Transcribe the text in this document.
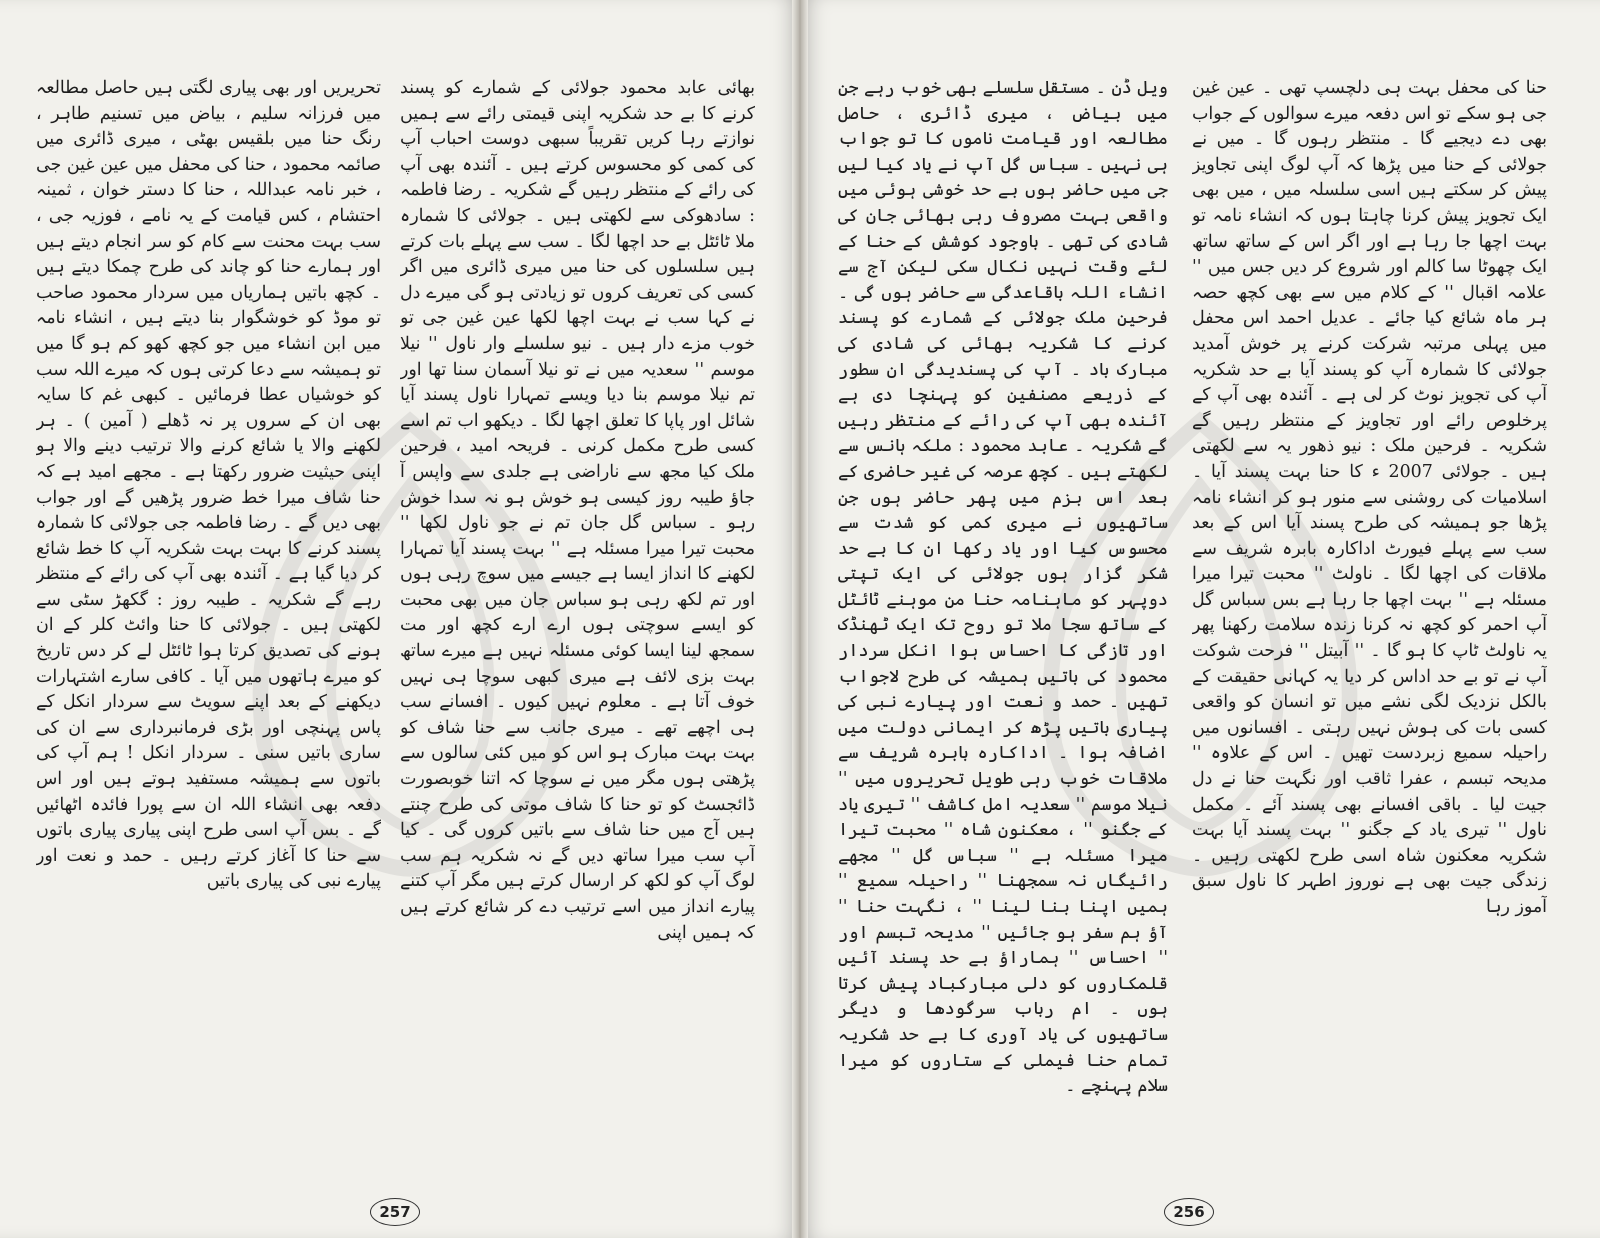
بھائی عابد محمود جولائی کے شمارے کو پسند کرنے کا بے حد شکریہ اپنی قیمتی رائے سے ہمیں نوازتے رہا کریں تقریباً سبھی دوست احباب آپ کی کمی کو محسوس کرتے ہیں ۔ آئندہ بھی آپ کی رائے کے منتظر رہیں گے شکریہ ۔ رضا فاطمہ : سادھوکی سے لکھتی ہیں ۔ جولائی کا شمارہ ملا ٹائٹل بے حد اچھا لگا ۔ سب سے پہلے بات کرتے ہیں سلسلوں کی حنا میں میری ڈائری میں اگر کسی کی تعریف کروں تو زیادتی ہو گی میرے دل نے کہا سب نے بہت اچھا لکھا عین غین جی تو خوب مزے دار ہیں ۔ نیو سلسلے وار ناول '' نیلا موسم '' سعدیہ میں نے تو نیلا آسمان سنا تھا اور تم نیلا موسم بنا دیا ویسے تمہارا ناول پسند آیا شائل اور پاپا کا تعلق اچھا لگا ۔ دیکھو اب تم اسے کسی طرح مکمل کرنی ۔ فریحہ امید ، فرحین ملک کیا مجھ سے ناراضی ہے جلدی سے واپس آ جاؤ طیبہ روز کیسی ہو خوش ہو نہ سدا خوش رہو ۔ سباس گل جان تم نے جو ناول لکھا '' محبت تیرا میرا مسئلہ ہے '' بہت پسند آیا تمہارا لکھنے کا انداز ایسا ہے جیسے میں سوچ رہی ہوں اور تم لکھ رہی ہو سباس جان میں بھی محبت کو ایسے سوچتی ہوں ارے ارے کچھ اور مت سمجھ لینا ایسا کوئی مسئلہ نہیں ہے میرے ساتھ بہت بزی لائف ہے میری کبھی سوچا ہی نہیں خوف آتا ہے ۔ معلوم نہیں کیوں ۔ افسانے سب ہی اچھے تھے ۔ میری جانب سے حنا شاف کو بہت بہت مبارک ہو اس کو میں کئی سالوں سے پڑھتی ہوں مگر میں نے سوچا کہ اتنا خوبصورت ڈائجسٹ کو تو حنا کا شاف موتی کی طرح چنتے ہیں آج میں حنا شاف سے باتیں کروں گی ۔ کیا آپ سب میرا ساتھ دیں گے نہ شکریہ ہم سب لوگ آپ کو لکھ کر ارسال کرتے ہیں مگر آپ کتنے پیارے انداز میں اسے ترتیب دے کر شائع کرتے ہیں کہ ہمیں اپنی

تحریریں اور بھی پیاری لگتی ہیں حاصل مطالعہ میں فرزانہ سلیم ، بیاض میں تسنیم طاہر ، رنگ حنا میں بلقیس بھٹی ، میری ڈائری میں صائمہ محمود ، حنا کی محفل میں عین غین جی ، خبر نامہ عبداللہ ، حنا کا دستر خوان ، ثمینہ احتشام ، کس قیامت کے یہ نامے ، فوزیہ جی ، سب بہت محنت سے کام کو سر انجام دیتے ہیں اور ہمارے حنا کو چاند کی طرح چمکا دیتے ہیں ۔ کچھ باتیں ہماریاں میں سردار محمود صاحب تو موڈ کو خوشگوار بنا دیتے ہیں ، انشاء نامہ میں ابن انشاء میں جو کچھ کھو کم ہو گا میں تو ہمیشہ سے دعا کرتی ہوں کہ میرے اللہ سب کو خوشیاں عطا فرمائیں ۔ کبھی غم کا سایہ بھی ان کے سروں پر نہ ڈھلے ( آمین ) ۔ ہر لکھنے والا یا شائع کرنے والا ترتیب دینے والا ہو اپنی حیثیت ضرور رکھتا ہے ۔ مجھے امید ہے کہ حنا شاف میرا خط ضرور پڑھیں گے اور جواب بھی دیں گے ۔ رضا فاطمہ جی جولائی کا شمارہ پسند کرنے کا بہت بہت شکریہ آپ کا خط شائع کر دیا گیا ہے ۔ آئندہ بھی آپ کی رائے کے منتظر رہے گے شکریہ ۔ طیبہ روز : گکھڑ سٹی سے لکھتی ہیں ۔ جولائی کا حنا وائٹ کلر کے ان ہونے کی تصدیق کرتا ہوا ٹائٹل لے کر دس تاریخ کو میرے ہاتھوں میں آیا ۔ کافی سارے اشتہارات دیکھنے کے بعد اپنے سویٹ سے سردار انکل کے پاس پہنچی اور بڑی فرمانبرداری سے ان کی ساری باتیں سنی ۔ سردار انکل ! ہم آپ کی باتوں سے ہمیشہ مستفید ہوتے ہیں اور اس دفعہ بھی انشاء اللہ ان سے پورا فائدہ اٹھائیں گے ۔ بس آپ اسی طرح اپنی پیاری پیاری باتوں سے حنا کا آغاز کرتے رہیں ۔ حمد و نعت اور پیارے نبی کی پیاری باتیں

257

حنا کی محفل بہت ہی دلچسپ تھی ۔ عین غین جی ہو سکے تو اس دفعہ میرے سوالوں کے جواب بھی دے دیجیے گا ۔ منتظر رہوں گا ۔ میں نے جولائی کے حنا میں پڑھا کہ آپ لوگ اپنی تجاویز پیش کر سکتے ہیں اسی سلسلہ میں ، میں بھی ایک تجویز پیش کرنا چاہتا ہوں کہ انشاء نامہ تو بہت اچھا جا رہا ہے اور اگر اس کے ساتھ ساتھ ایک چھوٹا سا کالم اور شروع کر دیں جس میں '' علامہ اقبال '' کے کلام میں سے بھی کچھ حصہ ہر ماہ شائع کیا جائے ۔ عدیل احمد اس محفل میں پہلی مرتبہ شرکت کرنے پر خوش آمدید جولائی کا شمارہ آپ کو پسند آیا بے حد شکریہ آپ کی تجویز نوٹ کر لی ہے ۔ آئندہ بھی آپ کے پرخلوص رائے اور تجاویز کے منتظر رہیں گے شکریہ ۔ فرحین ملک : نیو ذھور یہ سے لکھتی ہیں ۔ جولائی 2007 ء کا حنا بہت پسند آیا ۔ اسلامیات کی روشنی سے منور ہو کر انشاء نامہ پڑھا جو ہمیشہ کی طرح پسند آیا اس کے بعد سب سے پہلے فیورٹ اداکارہ بابرہ شریف سے ملاقات کی اچھا لگا ۔ ناولٹ '' محبت تیرا میرا مسئلہ ہے '' بہت اچھا جا رہا ہے بس سباس گل آپ احمر کو کچھ نہ کرنا زندہ سلامت رکھنا پھر یہ ناولٹ ٹاپ کا ہو گا ۔ '' آبیتل '' فرحت شوکت آپ نے تو بے حد اداس کر دیا یہ کہانی حقیقت کے بالکل نزدیک لگی نشے میں تو انسان کو واقعی کسی بات کی ہوش نہیں رہتی ۔ افسانوں میں راحیلہ سمیع زبردست تھیں ۔ اس کے علاوہ '' مدیحہ تبسم ، عفرا ثاقب اور نگہت حنا نے دل جیت لیا ۔ باقی افسانے بھی پسند آئے ۔ مکمل ناول '' تیری یاد کے جگنو '' بہت پسند آیا بہت شکریہ معکنون شاہ اسی طرح لکھتی رہیں ۔ زندگی جیت بھی ہے نوروز اطہر کا ناول سبق آموز رہا

ویل ڈن ۔ مستقل سلسلے بھی خوب رہے جن میں بیاض ، میری ڈائری ، حاصل مطالعہ اور قیامت ناموں کا تو جواب ہی نہیں ۔ سباس گل آپ نے یاد کیا لیں جی میں حاضر ہوں بے حد خوشی ہوئی میں واقعی بہت مصروف رہی بھائی جان کی شادی کی تھی ۔ باوجود کوشش کے حنا کے لئے وقت نہیں نکال سکی لیکن آج سے انشاء اللہ باقاعدگی سے حاضر ہوں گی ۔ فرحین ملک جولائی کے شمارے کو پسند کرنے کا شکریہ بھائی کی شادی کی مبارک باد ۔ آپ کی پسندیدگی ان سطور کے ذریعے مصنفین کو پہنچا دی ہے آئندہ بھی آپ کی رائے کے منتظر رہیں گے شکریہ ۔ عابد محمود : ملکہ ہانس سے لکھتے ہیں ۔ کچھ عرصہ کی غیر حاضری کے بعد اس بزم میں پھر حاضر ہوں جن ساتھیوں نے میری کمی کو شدت سے محسوس کیا اور یاد رکھا ان کا بے حد شکر گزار ہوں جولائی کی ایک تپتی دوپہر کو ماہنامہ حنا من موہنے ٹائٹل کے ساتھ سجا ملا تو روح تک ایک ٹھنڈک اور تازگی کا احساس ہوا انکل سردار محمود کی باتیں ہمیشہ کی طرح لاجواب تھیں ۔ حمد و نعت اور پیارے نبی کی پیاری باتیں پڑھ کر ایمانی دولت میں اضافہ ہوا ۔ اداکارہ بابرہ شریف سے ملاقات خوب رہی طویل تحریروں میں '' نیلا موسم '' سعدیہ امل کاشف '' تیری یاد کے جگنو '' ، معکنون شاہ '' محبت تیرا میرا مسئلہ ہے '' سباس گل '' مجھے رائیگاں نہ سمجھنا '' راحیلہ سمیع '' ہمیں اپنا بنا لینا '' ، نگہت حنا '' آؤ ہم سفر ہو جائیں '' مدیحہ تبسم اور '' احساس '' ہماراؤ بے حد پسند آئیں قلمکاروں کو دلی مبارکباد پیش کرتا ہوں ۔ ام رباب سرگودھا و دیگر ساتھیوں کی یاد آوری کا بے حد شکریہ تمام حنا فیملی کے ستاروں کو میرا سلام پہنچے ۔

256
